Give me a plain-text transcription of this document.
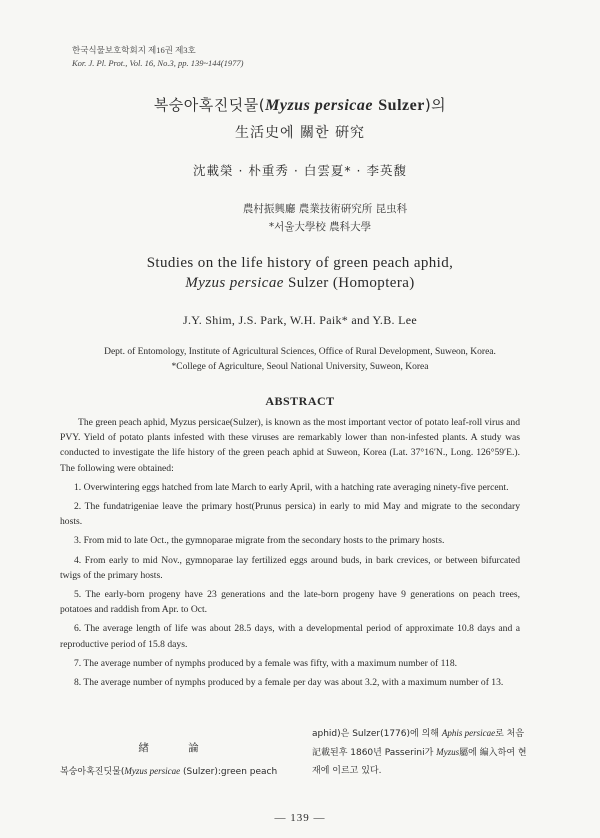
한국식물보호학회지 제16권 제3호
Kor. J. Pl. Prot., Vol. 16, No.3, pp. 139~144(1977)
복숭아혹진딧물(Myzus persicae Sulzer)의
生活史에 關한 硏究
沈載榮 · 朴重秀 · 白雲夏* · 李英馥
農村振興廳 農業技術硏究所 昆虫科
*서울大學校 農科大學
Studies on the life history of green peach aphid,
Myzus persicae Sulzer (Homoptera)
J.Y. Shim, J.S. Park, W.H. Paik* and Y.B. Lee
Dept. of Entomology, Institute of Agricultural Sciences, Office of Rural Development, Suweon, Korea.
*College of Agriculture, Seoul National University, Suweon, Korea
ABSTRACT

The green peach aphid, Myzus persicae(Sulzer), is known as the most important vector of potato leaf-roll virus and PVY. Yield of potato plants infested with these viruses are remarkably lower than non-infested plants. A study was conducted to investigate the life history of the green peach aphid at Suweon, Korea (Lat. 37°16′N., Long. 126°59′E.). The following were obtained:

1. Overwintering eggs hatched from late March to early April, with a hatching rate averaging ninety-five percent.

2. The fundatrigeniae leave the primary host(Prunus persica) in early to mid May and migrate to the secondary hosts.

3. From mid to late Oct., the gymnoparae migrate from the secondary hosts to the primary hosts.

4. From early to mid Nov., gymnoparae lay fertilized eggs around buds, in bark crevices, or between bifurcated twigs of the primary hosts.

5. The early-born progeny have 23 generations and the late-born progeny have 9 generations on peach trees, potatoes and raddish from Apr. to Oct.

6. The average length of life was about 28.5 days, with a developmental period of approximate 10.8 days and a reproductive period of 15.8 days.

7. The average number of nymphs produced by a female was fifty, with a maximum number of 118.

8. The average number of nymphs produced by a female per day was about 3.2, with a maximum number of 13.

緖 論
복숭아혹진딧물(Myzus persicae (Sulzer):green peach
aphid)은 Sulzer(1776)에 의해 Aphis persicae로 처음
記載된후 1860년 Passerini가 Myzus屬에 編入하여 현
재에 이르고 있다.
— 139 —
